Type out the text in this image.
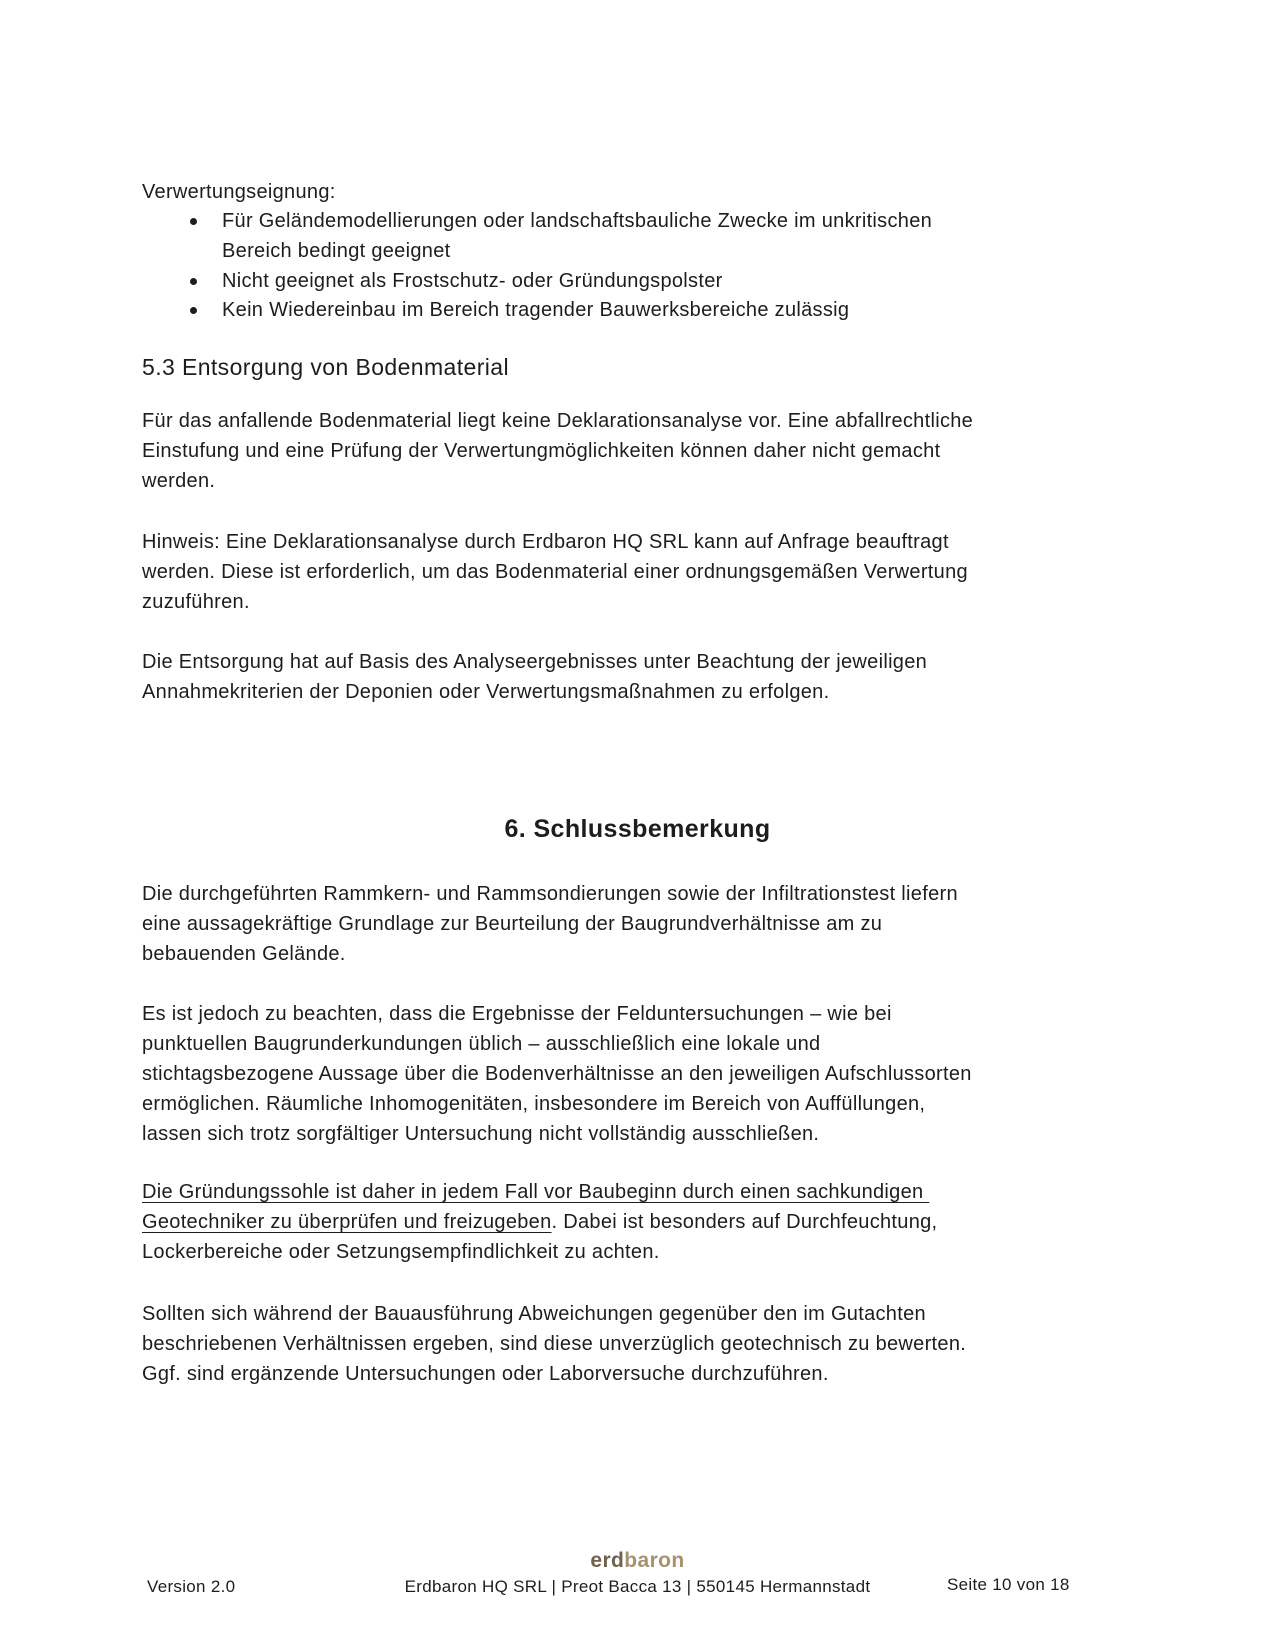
Verwertungseignung:
Für Geländemodellierungen oder landschaftsbauliche Zwecke im unkritischen
Bereich bedingt geeignet
Nicht geeignet als Frostschutz- oder Gründungspolster
Kein Wiedereinbau im Bereich tragender Bauwerksbereiche zulässig
5.3 Entsorgung von Bodenmaterial
Für das anfallende Bodenmaterial liegt keine Deklarationsanalyse vor. Eine abfallrechtliche
Einstufung und eine Prüfung der Verwertungmöglichkeiten können daher nicht gemacht
werden.
Hinweis: Eine Deklarationsanalyse durch Erdbaron HQ SRL kann auf Anfrage beauftragt
werden. Diese ist erforderlich, um das Bodenmaterial einer ordnungsgemäßen Verwertung
zuzuführen.
Die Entsorgung hat auf Basis des Analyseergebnisses unter Beachtung der jeweiligen
Annahmekriterien der Deponien oder Verwertungsmaßnahmen zu erfolgen.
6. Schlussbemerkung
Die durchgeführten Rammkern- und Rammsondierungen sowie der Infiltrationstest liefern
eine aussagekräftige Grundlage zur Beurteilung der Baugrundverhältnisse am zu
bebauenden Gelände.
Es ist jedoch zu beachten, dass die Ergebnisse der Felduntersuchungen – wie bei
punktuellen Baugrunderkundungen üblich – ausschließlich eine lokale und
stichtagsbezogene Aussage über die Bodenverhältnisse an den jeweiligen Aufschlussorten
ermöglichen. Räumliche Inhomogenitäten, insbesondere im Bereich von Auffüllungen,
lassen sich trotz sorgfältiger Untersuchung nicht vollständig ausschließen.
Die Gründungssohle ist daher in jedem Fall vor Baubeginn durch einen sachkundigen
Geotechniker zu überprüfen und freizugeben. Dabei ist besonders auf Durchfeuchtung,
Lockerbereiche oder Setzungsempfindlichkeit zu achten.
Sollten sich während der Bauausführung Abweichungen gegenüber den im Gutachten
beschriebenen Verhältnissen ergeben, sind diese unverzüglich geotechnisch zu bewerten.
Ggf. sind ergänzende Untersuchungen oder Laborversuche durchzuführen.
erdbaron
Version 2.0	Erdbaron HQ SRL | Preot Bacca 13 | 550145 Hermannstadt	Seite 10 von 18
